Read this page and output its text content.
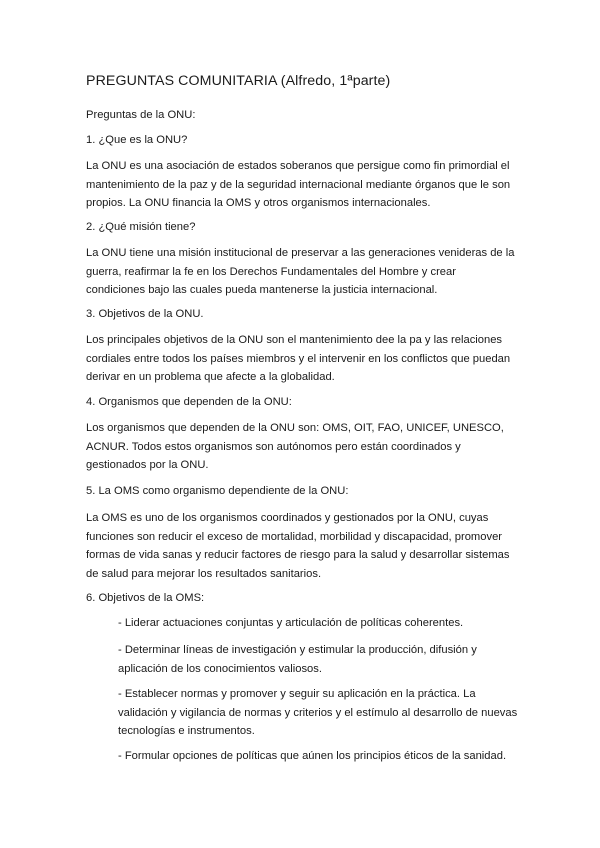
PREGUNTAS COMUNITARIA (Alfredo, 1ªparte)
Preguntas de la ONU:
1. ¿Que es la ONU?
La ONU es una asociación de estados soberanos que persigue como fin primordial el mantenimiento de la paz y de la seguridad internacional mediante órganos que le son propios. La ONU financia la OMS y otros organismos internacionales.
2. ¿Qué misión tiene?
La ONU tiene una misión institucional de preservar a las generaciones venideras de la guerra, reafirmar la fe en los Derechos Fundamentales del Hombre y crear condiciones bajo las cuales pueda mantenerse la justicia internacional.
3. Objetivos de la ONU.
Los principales objetivos de la ONU son el mantenimiento dee la pa y las relaciones cordiales entre todos los países miembros y el intervenir en los conflictos que puedan derivar en un problema que afecte a la globalidad.
4. Organismos que dependen de la ONU:
Los organismos que dependen de la ONU son: OMS, OIT, FAO, UNICEF, UNESCO, ACNUR. Todos estos organismos son autónomos pero están coordinados y gestionados por la ONU.
5. La OMS como organismo dependiente de la ONU:
La OMS es uno de los organismos coordinados y gestionados por la ONU, cuyas funciones son reducir el exceso de mortalidad, morbilidad y discapacidad, promover formas de vida sanas y reducir factores de riesgo para la salud y desarrollar sistemas de salud para mejorar los resultados sanitarios.
6. Objetivos de la OMS:
- Liderar actuaciones conjuntas y articulación de políticas coherentes.
- Determinar líneas de investigación y estimular la producción, difusión y aplicación de los conocimientos valiosos.
- Establecer normas y promover y seguir su aplicación en la práctica. La validación y vigilancia de normas y criterios y el estímulo al desarrollo de nuevas tecnologías e instrumentos.
- Formular opciones de políticas que aúnen los principios éticos de la sanidad.
